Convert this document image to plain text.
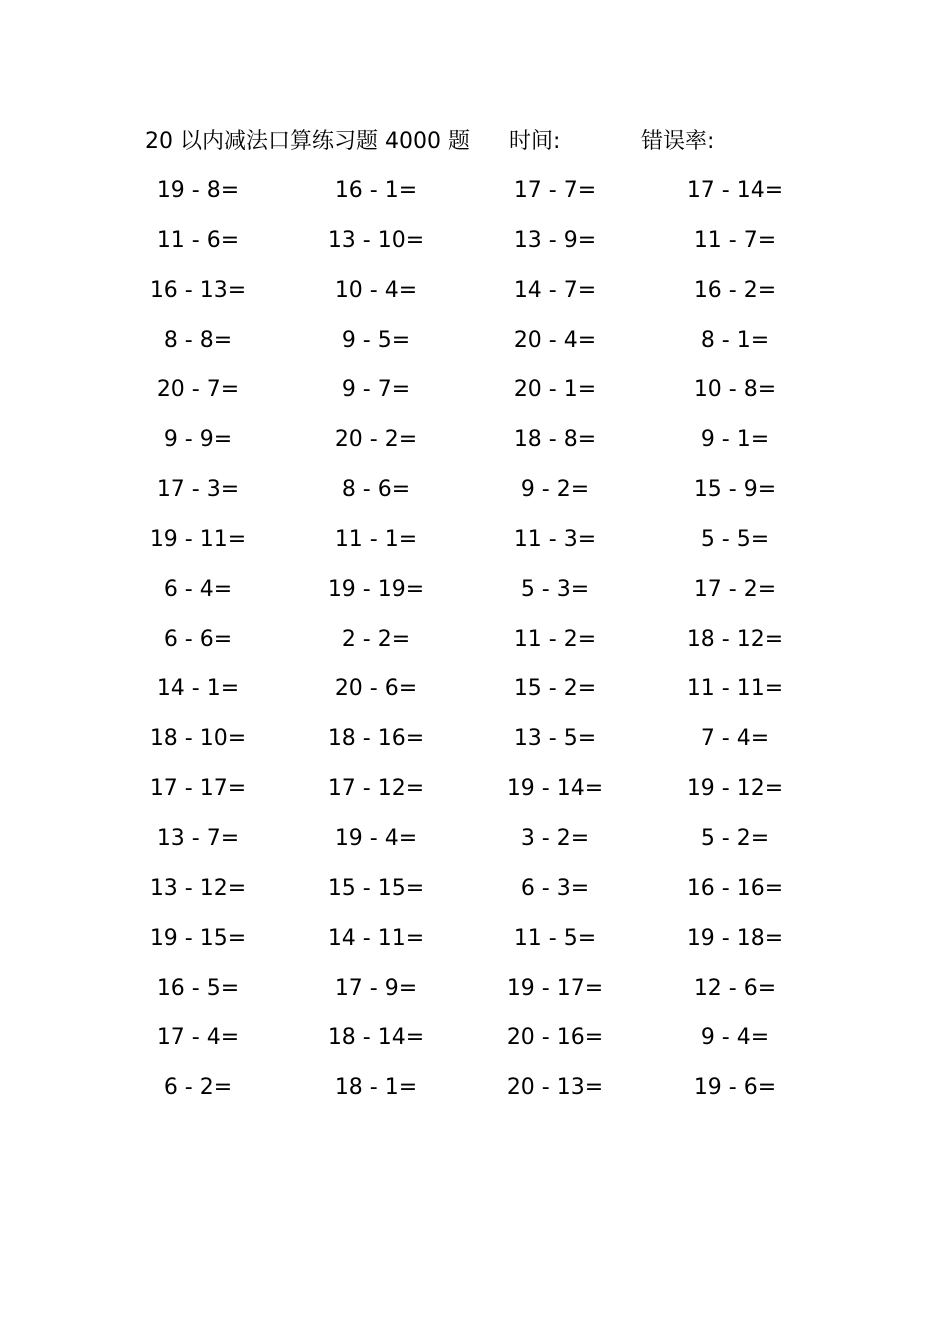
20 以内减法口算练习题 4000 题 时间:	错误率:
19 - 8=	16 - 1=	17 - 7=	17 - 14=
11 - 6=	13 - 10=	13 - 9=	11 - 7=
16 - 13=	10 - 4=	14 - 7=	16 - 2=
8 - 8=	9 - 5=	20 - 4=	8 - 1=
20 - 7=	9 - 7=	20 - 1=	10 - 8=
9 - 9=	20 - 2=	18 - 8=	9 - 1=
17 - 3=	8 - 6=	9 - 2=	15 - 9=
19 - 11=	11 - 1=	11 - 3=	5 - 5=
6 - 4=	19 - 19=	5 - 3=	17 - 2=
6 - 6=	2 - 2=	11 - 2=	18 - 12=
14 - 1=	20 - 6=	15 - 2=	11 - 11=
18 - 10=	18 - 16=	13 - 5=	7 - 4=
17 - 17=	17 - 12=	19 - 14=	19 - 12=
13 - 7=	19 - 4=	3 - 2=	5 - 2=
13 - 12=	15 - 15=	6 - 3=	16 - 16=
19 - 15=	14 - 11=	11 - 5=	19 - 18=
16 - 5=	17 - 9=	19 - 17=	12 - 6=
17 - 4=	18 - 14=	20 - 16=	9 - 4=
6 - 2=	18 - 1=	20 - 13=	19 - 6=
